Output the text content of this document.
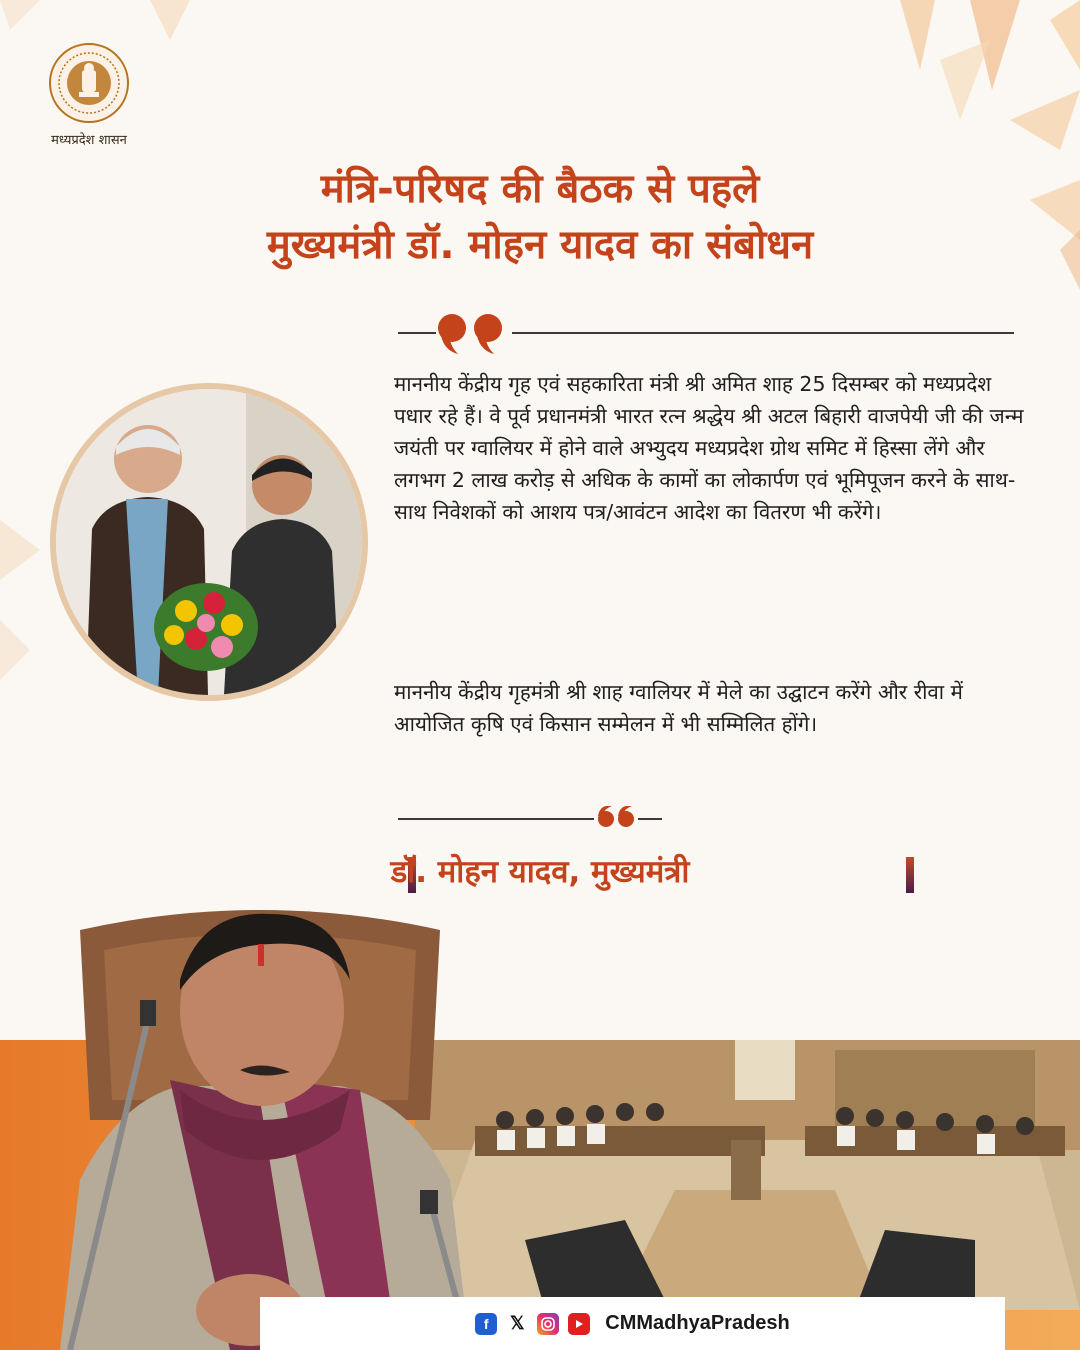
मध्यप्रदेश शासन
मंत्रि-परिषद की बैठक से पहले
मुख्यमंत्री डॉ. मोहन यादव का संबोधन
माननीय केंद्रीय गृह एवं सहकारिता मंत्री श्री अमित शाह 25 दिसम्बर को मध्यप्रदेश पधार रहे हैं। वे पूर्व प्रधानमंत्री भारत रत्न श्रद्धेय श्री अटल बिहारी वाजपेयी जी की जन्म जयंती पर ग्वालियर में होने वाले अभ्युदय मध्यप्रदेश ग्रोथ समिट में हिस्सा लेंगे और लगभग 2 लाख करोड़ से अधिक के कामों का लोकार्पण एवं भूमिपूजन करने के साथ-साथ निवेशकों को आशय पत्र/आवंटन आदेश का वितरण भी करेंगे।
माननीय केंद्रीय गृहमंत्री श्री शाह ग्वालियर में मेले का उद्घाटन करेंगे और रीवा में आयोजित कृषि एवं किसान सम्मेलन में भी सम्मिलित होंगे।
डॉ. मोहन यादव, मुख्यमंत्री
f	𝕏	CMMadhyaPradesh
